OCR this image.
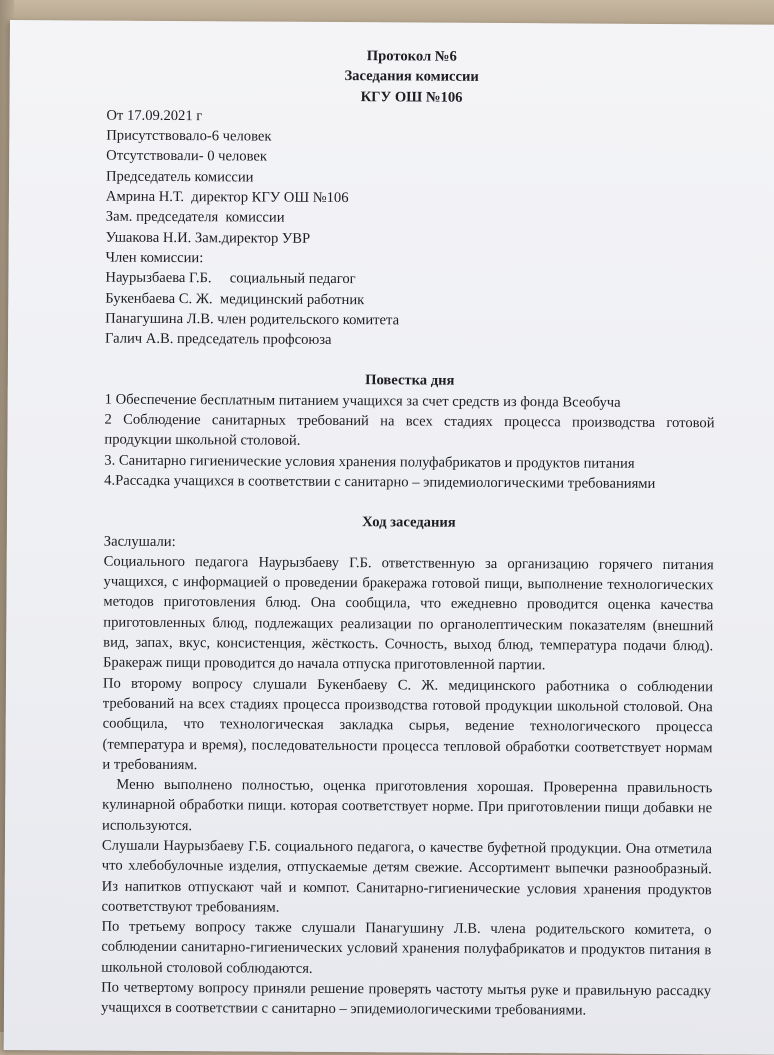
Протокол №6
Заседания комиссии
КГУ ОШ №106
От 17.09.2021 г
Присутствовало-6 человек
Отсутствовали- 0 человек
Председатель комиссии
Амрина Н.Т.  директор КГУ ОШ №106
Зам. председателя  комиссии
Ушакова Н.И. Зам.директор УВР
Член комиссии:
Наурызбаева Г.Б.     социальный педагог
Букенбаева С. Ж.  медицинский работник
Панагушина Л.В. член родительского комитета
Галич А.В. председатель профсоюза
Повестка дня
1 Обеспечение бесплатным питанием учащихся за счет средств из фонда Всеобуча
2 Соблюдение санитарных требований на всех стадиях процесса производства готовой продукции школьной столовой.
3. Санитарно гигиенические условия хранения полуфабрикатов и продуктов питания
4.Рассадка учащихся в соответствии с санитарно – эпидемиологическими требованиями
Ход заседания
Заслушали:
Социального педагога Наурызбаеву Г.Б. ответственную за организацию горячего питания учащихся, с информацией о проведении бракеража готовой пищи, выполнение технологических методов приготовления блюд. Она сообщила, что ежедневно проводится оценка качества приготовленных блюд, подлежащих реализации по органолептическим показателям (внешний вид, запах, вкус, консистенция, жёсткость. Сочность, выход блюд, температура подачи блюд). Бракераж пищи проводится до начала отпуска приготовленной партии.
По второму вопросу слушали Букенбаеву С. Ж. медицинского работника о соблюдении требований на всех стадиях процесса производства готовой продукции школьной столовой. Она сообщила, что технологическая закладка сырья, ведение технологического процесса (температура и время), последовательности процесса тепловой обработки соответствует нормам и требованиям.
Меню выполнено полностью, оценка приготовления хорошая. Проверенна правильность кулинарной обработки пищи. которая соответствует норме. При приготовлении пищи добавки не используются.
Слушали Наурызбаеву Г.Б. социального педагога, о качестве буфетной продукции. Она отметила что хлебобулочные изделия, отпускаемые детям свежие. Ассортимент выпечки разнообразный. Из напитков отпускают чай и компот. Санитарно-гигиенические условия хранения продуктов соответствуют требованиям.
По третьему вопросу также слушали Панагушину Л.В. члена родительского комитета, о соблюдении санитарно-гигиенических условий хранения полуфабрикатов и продуктов питания в школьной столовой соблюдаются.
По четвертому вопросу приняли решение проверять частоту мытья руке и правильную рассадку учащихся в соответствии с санитарно – эпидемиологическими требованиями.
